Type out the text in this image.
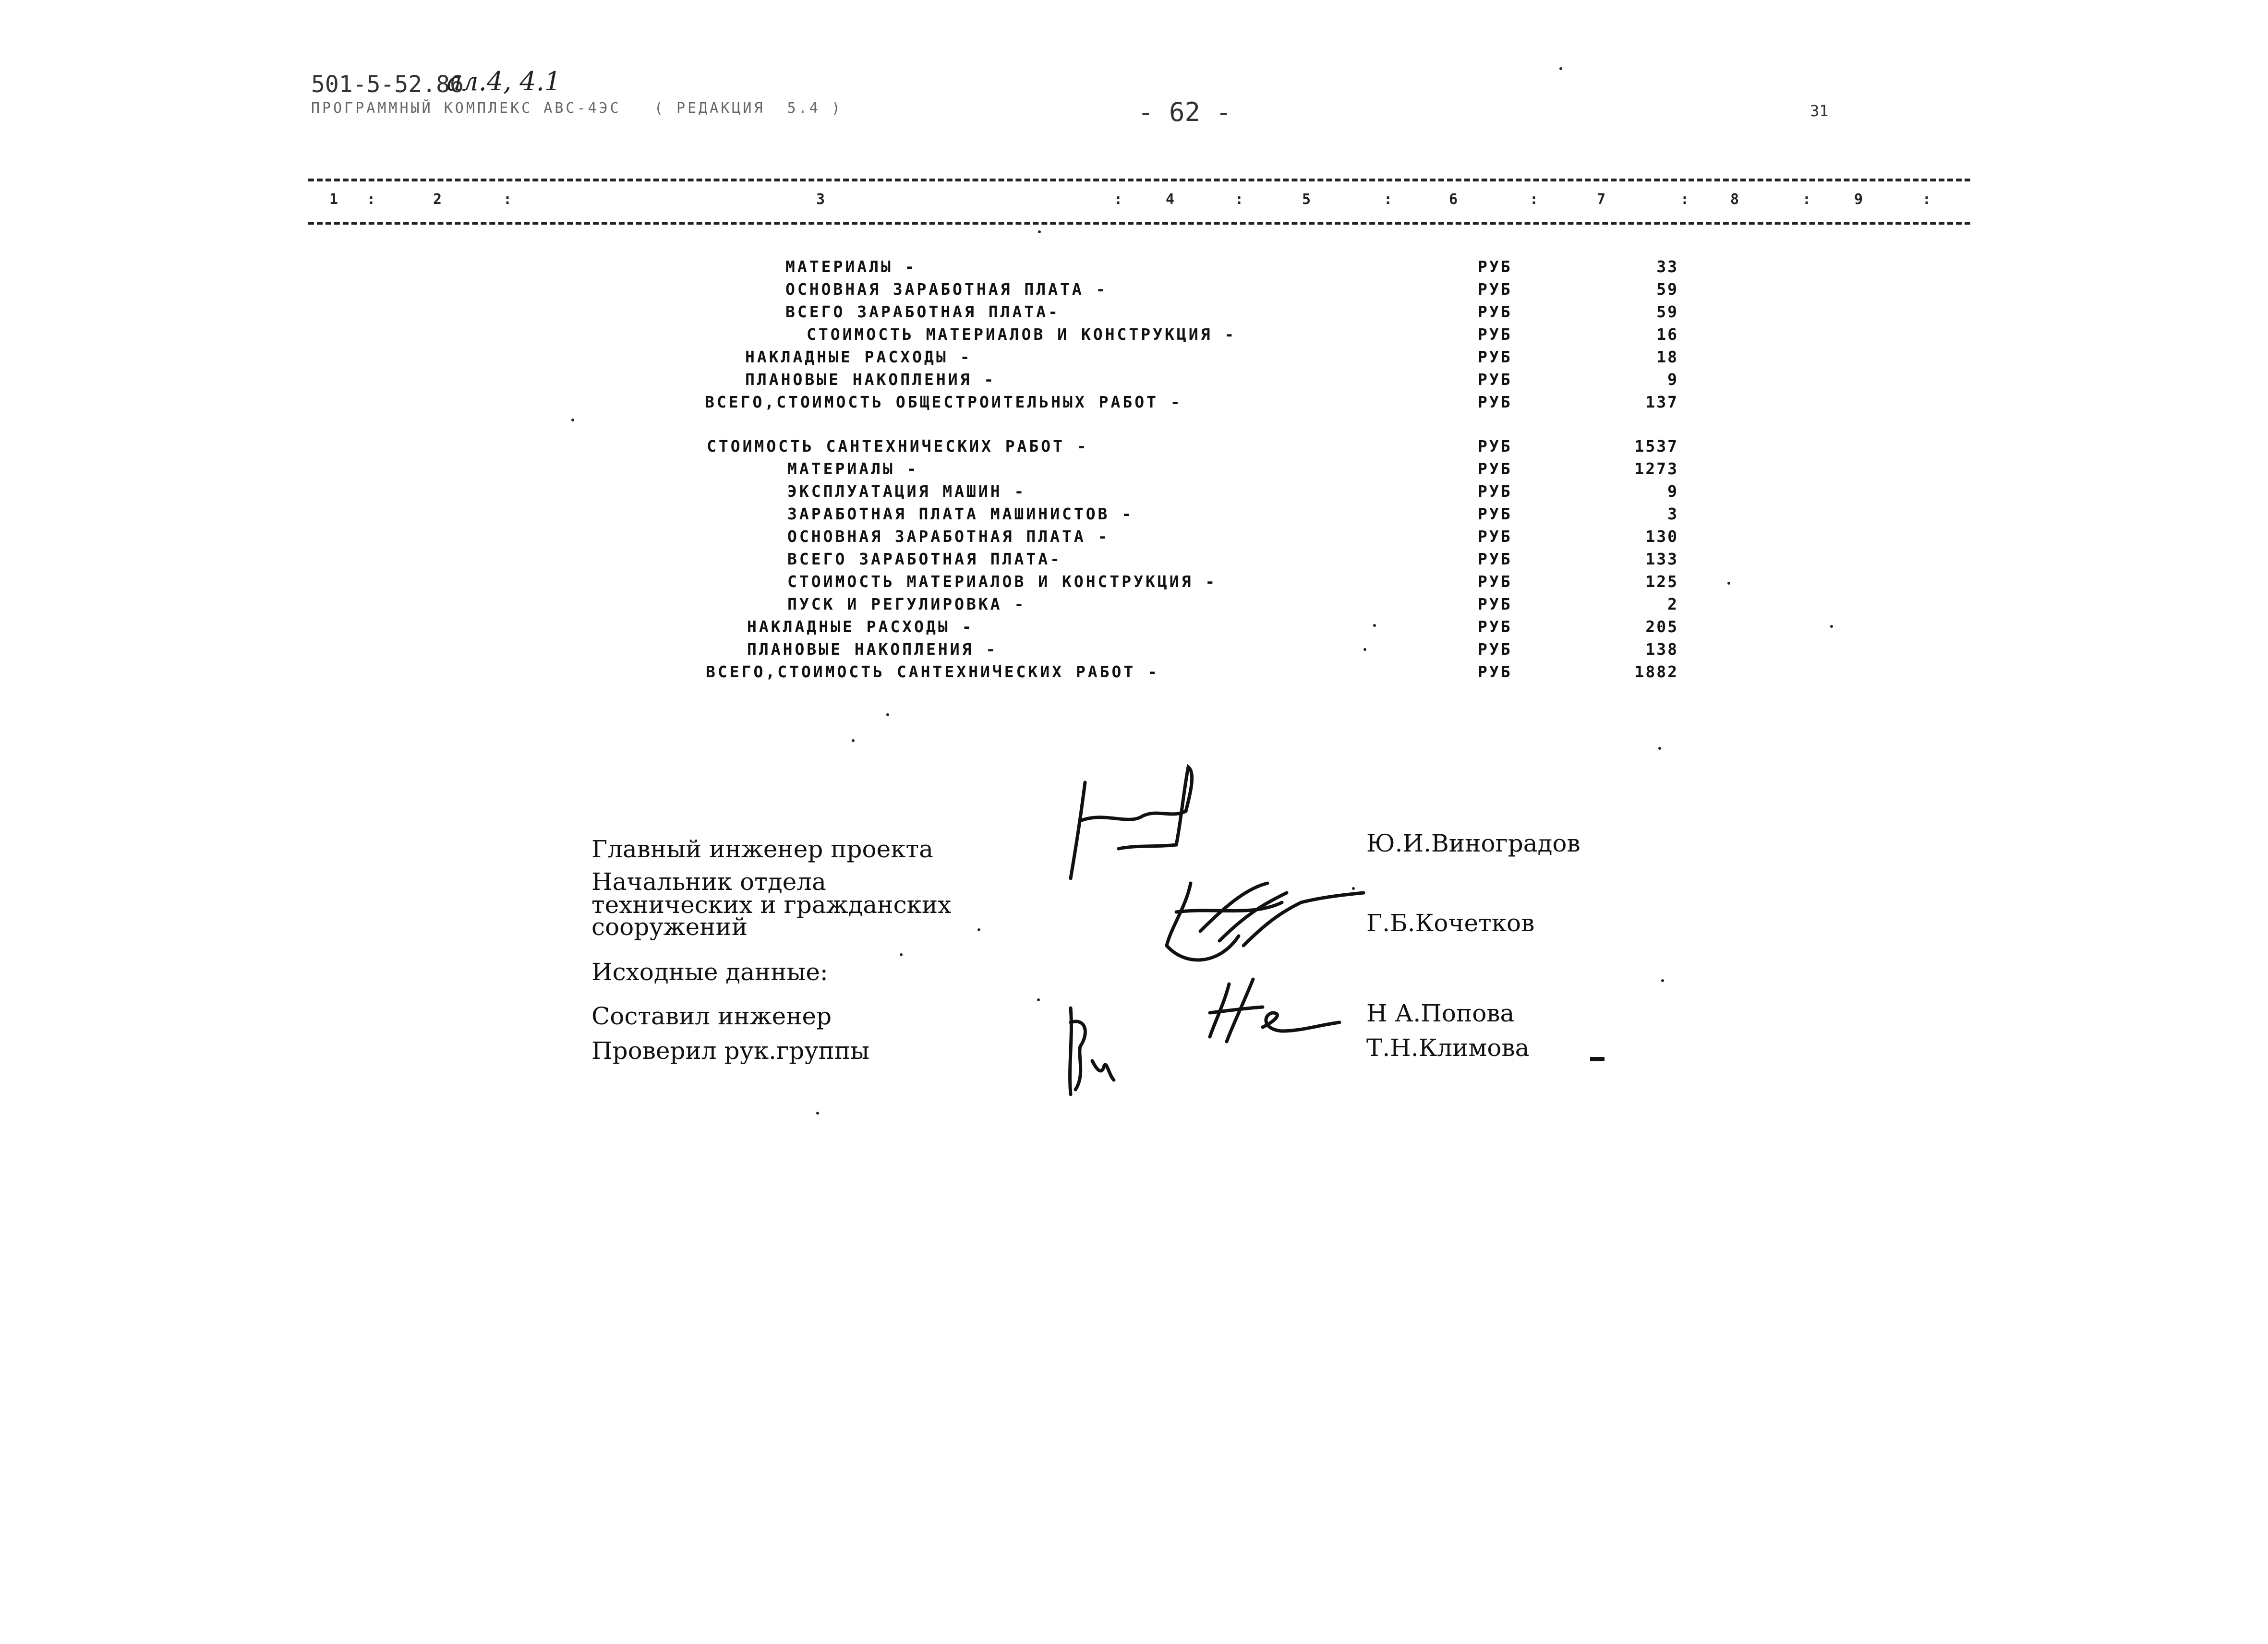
501-5-52.86
ал.4, 4.1
ПРОГРАММНЫЙ КОМПЛЕКС АВС-4ЭС   ( РЕДАКЦИЯ  5.4 )	- 62 -	31
1 :	2	:	3	:	4	:	5	:	6	:	7	:	8	:	9	:
МАТЕРИАЛЫ -	РУБ	33
ОСНОВНАЯ ЗАРАБОТНАЯ ПЛАТА -	РУБ	59
ВСЕГО ЗАРАБОТНАЯ ПЛАТА-	РУБ	59
СТОИМОСТЬ МАТЕРИАЛОВ И КОНСТРУКЦИЯ -	РУБ	16
НАКЛАДНЫЕ РАСХОДЫ -	РУБ	18
ПЛАНОВЫЕ НАКОПЛЕНИЯ -	РУБ	9
ВСЕГО,СТОИМОСТЬ ОБЩЕСТРОИТЕЛЬНЫХ РАБОТ -	РУБ	137
СТОИМОСТЬ САНТЕХНИЧЕСКИХ РАБОТ -	РУБ	1537
МАТЕРИАЛЫ -	РУБ	1273
ЭКСПЛУАТАЦИЯ МАШИН -	РУБ	9
ЗАРАБОТНАЯ ПЛАТА МАШИНИСТОВ -	РУБ	3
ОСНОВНАЯ ЗАРАБОТНАЯ ПЛАТА -	РУБ	130
ВСЕГО ЗАРАБОТНАЯ ПЛАТА-	РУБ	133
СТОИМОСТЬ МАТЕРИАЛОВ И КОНСТРУКЦИЯ -	РУБ	125
ПУСК И РЕГУЛИРОВКА -	РУБ	2
НАКЛАДНЫЕ РАСХОДЫ -	РУБ	205
ПЛАНОВЫЕ НАКОПЛЕНИЯ -	РУБ	138
ВСЕГО,СТОИМОСТЬ САНТЕХНИЧЕСКИХ РАБОТ -	РУБ	1882
Главный инженер проекта	Ю.И.Виноградов
Начальник отдела
технических и гражданских
сооружений	Г.Б.Кочетков
Исходные данные:
Составил инженер	Н А.Попова
Проверил рук.группы	Т.Н.Климова
